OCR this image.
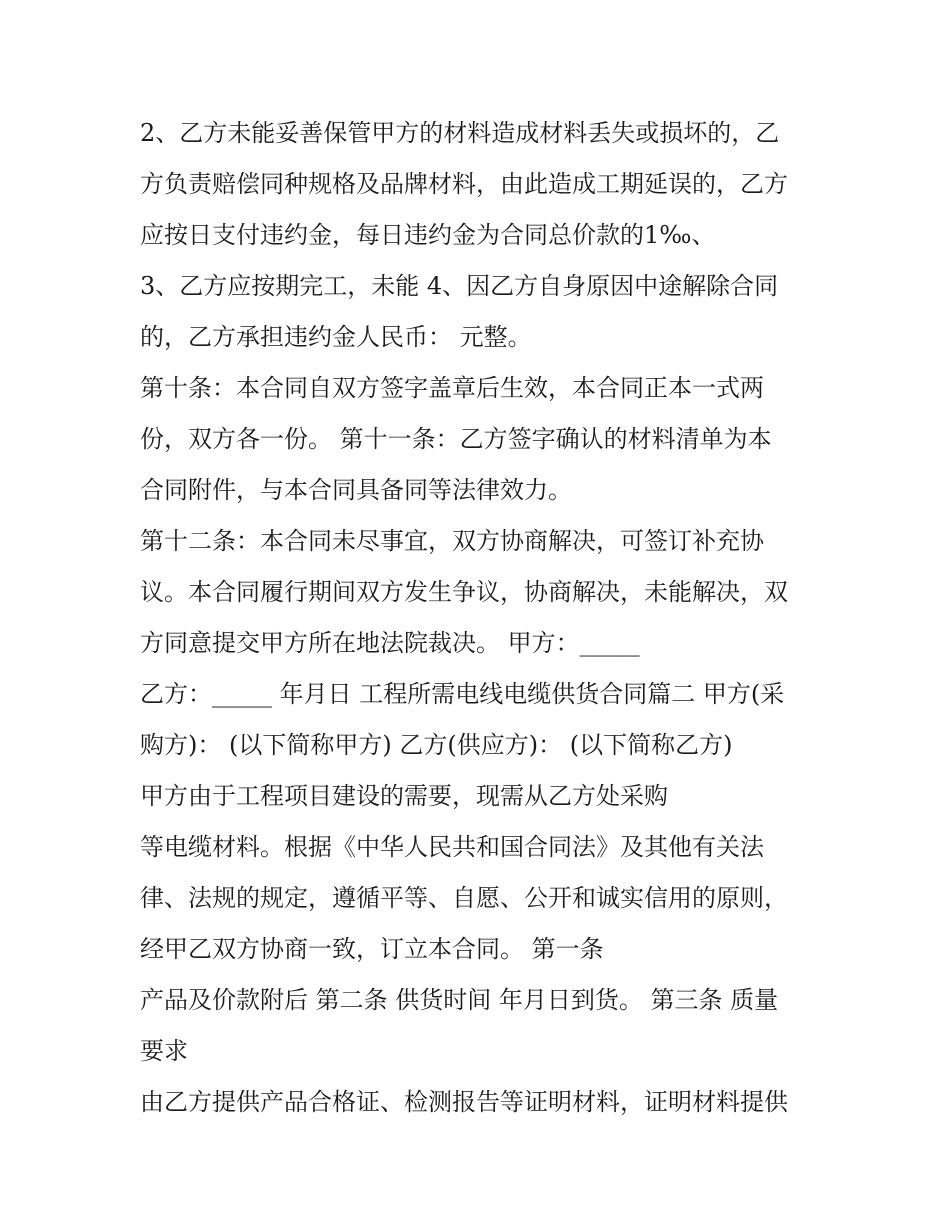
2、乙方未能妥善保管甲方的材料造成材料丢失或损坏的，乙
方负责赔偿同种规格及品牌材料，由此造成工期延误的，乙方
应按日支付违约金，每日违约金为合同总价款的1‰、
3、乙方应按期完工，未能 4、因乙方自身原因中途解除合同
的，乙方承担违约金人民币： 元整。
第十条：本合同自双方签字盖章后生效，本合同正本一式两
份，双方各一份。 第十一条：乙方签字确认的材料清单为本
合同附件，与本合同具备同等法律效力。
第十二条：本合同未尽事宜，双方协商解决，可签订补充协
议。本合同履行期间双方发生争议，协商解决，未能解决，双
方同意提交甲方所在地法院裁决。 甲方：_____
乙方：_____ 年月日 工程所需电线电缆供货合同篇二 甲方(采
购方)： (以下简称甲方) 乙方(供应方)： (以下简称乙方)
甲方由于工程项目建设的需要，现需从乙方处采购
等电缆材料。根据《中华人民共和国合同法》及其他有关法
律、法规的规定，遵循平等、自愿、公开和诚实信用的原则，
经甲乙双方协商一致，订立本合同。 第一条
产品及价款附后 第二条 供货时间 年月日到货。 第三条 质量
要求
由乙方提供产品合格证、检测报告等证明材料，证明材料提供
